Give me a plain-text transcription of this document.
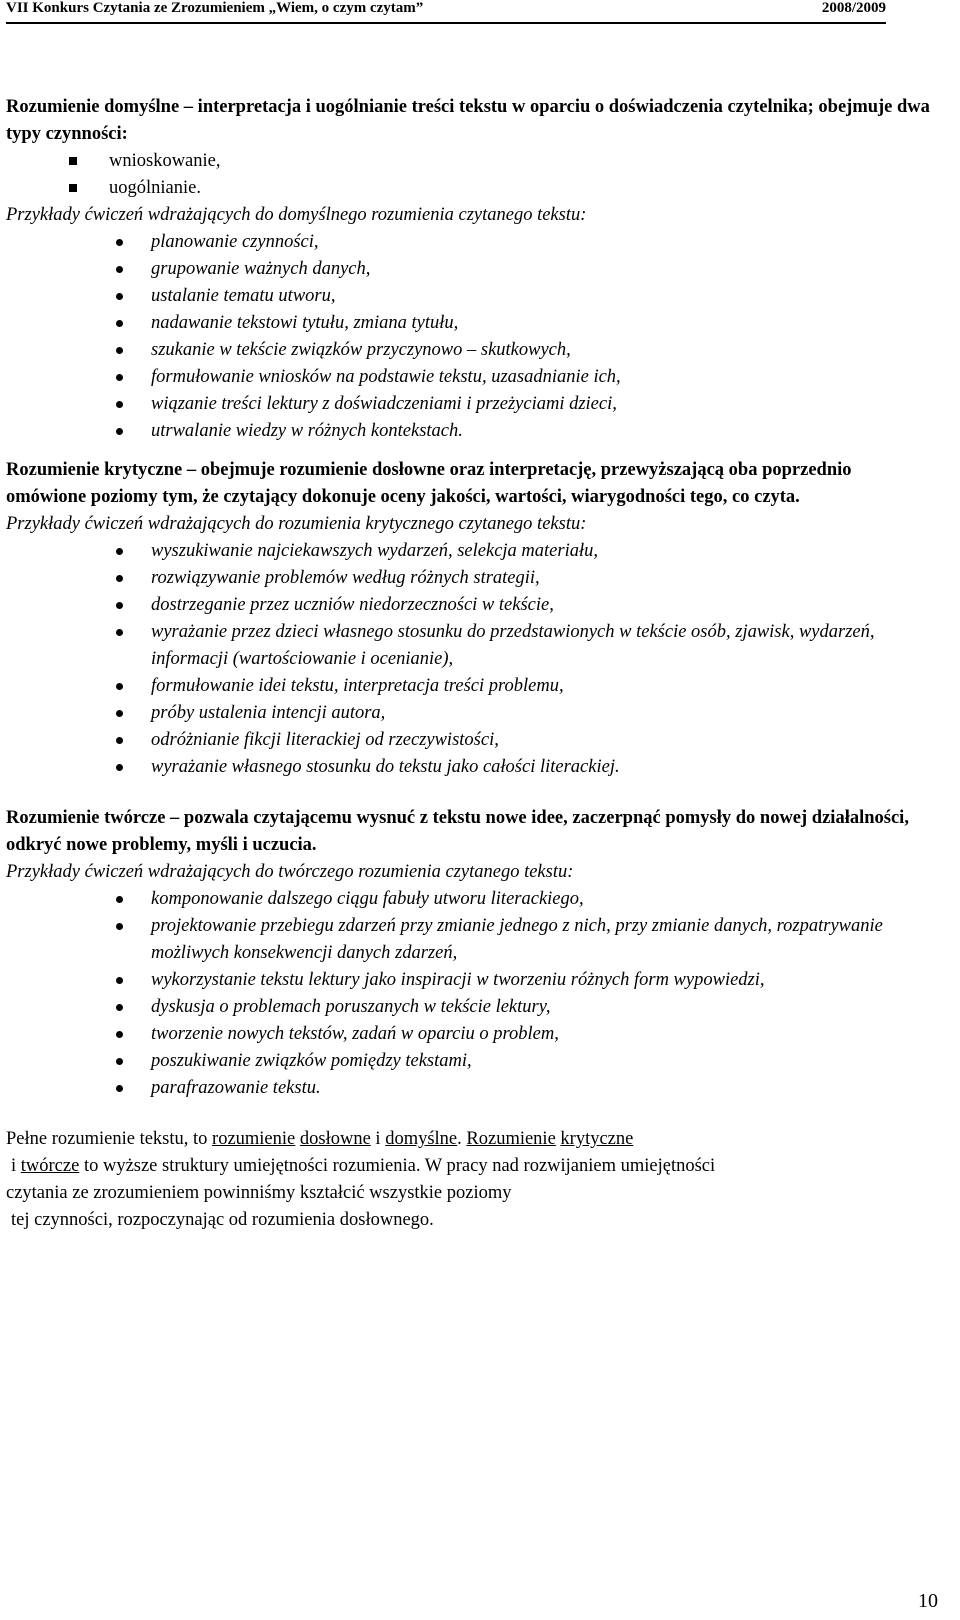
VII Konkurs Czytania ze Zrozumieniem „Wiem, o czym czytam”	2008/2009

Rozumienie domyślne – interpretacja i uogólnianie treści tekstu w oparciu o doświadczenia czytelnika; obejmuje dwa typy czynności:

wnioskowanie,
uogólnianie.

Przykłady ćwiczeń wdrażających do domyślnego rozumienia czytanego tekstu:

planowanie czynności,
grupowanie ważnych danych,
ustalanie tematu utworu,
nadawanie tekstowi tytułu, zmiana tytułu,
szukanie w tekście związków przyczynowo – skutkowych,
formułowanie wniosków na podstawie tekstu, uzasadnianie ich,
wiązanie treści lektury z doświadczeniami i przeżyciami dzieci,
utrwalanie wiedzy w różnych kontekstach.

Rozumienie krytyczne – obejmuje rozumienie dosłowne oraz interpretację, przewyższającą oba poprzednio omówione poziomy tym, że czytający dokonuje oceny jakości, wartości, wiarygodności tego, co czyta.

Przykłady ćwiczeń wdrażających do rozumienia krytycznego czytanego tekstu:

wyszukiwanie najciekawszych wydarzeń, selekcja materiału,
rozwiązywanie problemów według różnych strategii,
dostrzeganie przez uczniów niedorzeczności w tekście,
wyrażanie przez dzieci własnego stosunku do przedstawionych w tekście osób, zjawisk, wydarzeń, informacji (wartościowanie i ocenianie),
formułowanie idei tekstu, interpretacja treści problemu,
próby ustalenia intencji autora,
odróżnianie fikcji literackiej od rzeczywistości,
wyrażanie własnego stosunku do tekstu jako całości literackiej.

Rozumienie twórcze – pozwala czytającemu wysnuć z tekstu nowe idee, zaczerpnąć pomysły do nowej działalności, odkryć nowe problemy, myśli i uczucia.

Przykłady ćwiczeń wdrażających do twórczego rozumienia czytanego tekstu:

komponowanie dalszego ciągu fabuły utworu literackiego,
projektowanie przebiegu zdarzeń przy zmianie jednego z nich, przy zmianie danych, rozpatrywanie możliwych konsekwencji danych zdarzeń,
wykorzystanie tekstu lektury jako inspiracji w tworzeniu różnych form wypowiedzi,
dyskusja o problemach poruszanych w tekście lektury,
tworzenie nowych tekstów, zadań w oparciu o problem,
poszukiwanie związków pomiędzy tekstami,
parafrazowanie tekstu.

Pełne rozumienie tekstu, to rozumienie dosłowne i domyślne. Rozumienie krytyczne

i twórcze to wyższe struktury umiejętności rozumienia. W pracy nad rozwijaniem umiejętności

czytania ze zrozumieniem powinniśmy kształcić wszystkie poziomy

tej czynności, rozpoczynając od rozumienia dosłownego.

10
